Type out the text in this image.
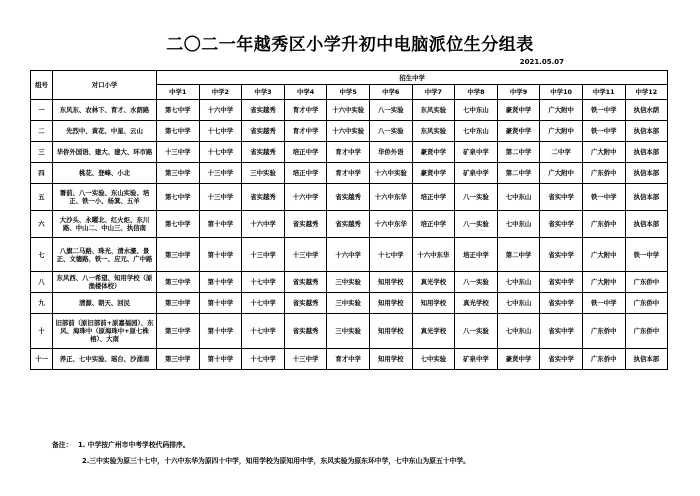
二〇二一年越秀区小学升初中电脑派位生分组表
2021.05.07
组号	对口小学	招生中学											
		中学1	中学2	中学3	中学4	中学5	中学6	中学7	中学8	中学9	中学10	中学11	中学12
一	东风东、农林下、育才、水荫路	第七中学	十六中学	省实越秀	育才中学	十六中实验	八一实验	东风实验	七中东山	豪贤中学	广大附中	铁一中学	执信水荫
二	先烈中、黄花、中星、云山	第七中学	十七中学	省实越秀	育才中学	十六中实验	八一实验	东风实验	七中东山	豪贤中学	广大附中	铁一中学	执信本部
三	华侨外国语、建大、建大、环市路	十三中学	十七中学	省实越秀	培正中学	育才中学	华侨外语	豪贤中学	矿泉中学	第二中学	二中学	广大附中	执信本部
四	桃花、登峰、小北	第三中学	十三中学	三中实验	培正中学	育才中学	十六中实验	豪贤中学	矿泉中学	第二中学	广大附中	广东侨中	执信本部
五	署前、八一实验、东山实验、培正、铁一小、杨箕、五羊	第七中学	十三中学	省实越秀	十六中学	省实越秀	十六中东华	培正中学	八一实验	七中东山	省实中学	铁一中学	执信本部
六	大沙头、永曜北、红火炬、东川路、中山二、中山三、执信南	第七中学	第十中学	十六中学	省实越秀	省实越秀	十六中东华	培正中学	八一实验	七中东山	省实中学	广东侨中	执信本部
七	八旗二马路、珠光、清水濠、景正、文德路、铁一、应元、广中路	第三中学	第十中学	十三中学	十三中学	十六中学	十七中学	十六中东华	培正中学	第二中学	省实中学	广大附中	铁一中学
八	东风西、八一希望、知用学校（原渔楼体校）	第三中学	第十中学	十七中学	省实越秀	三中实验	知用学校	真光学校	八一实验	七中东山	省实中学	广大附中	广东侨中
九	清源、朝天、回民	第三中学	第十中学	十七中学	省实越秀	三中实验	知用学校	知用学校	真光学校	七中东山	省实中学	铁一中学	广东侨中
十	旧部前（原旧部前+原嘉福园）、东风、海珠中（原海珠中+原七株榕）、大南	第三中学	第十中学	十七中学	省实越秀	三中实验	知用学校	真光学校	八一实验	七中东山	省实中学	广东侨中	广东侨中
十一	养正、七中实验、瑶台、沙涌南	第三中学	第十中学	十七中学	十三中学	育才中学	知用学校	七中实验	矿泉中学	豪贤中学	省实中学	广东侨中	执信本部
备注： 1. 中学按广州市中考学校代码排序。
2.三中实验为原三十七中，十六中东华为原四十中学，知用学校为原知用中学，东风实验为原东环中学，七中东山为原五十中学。
